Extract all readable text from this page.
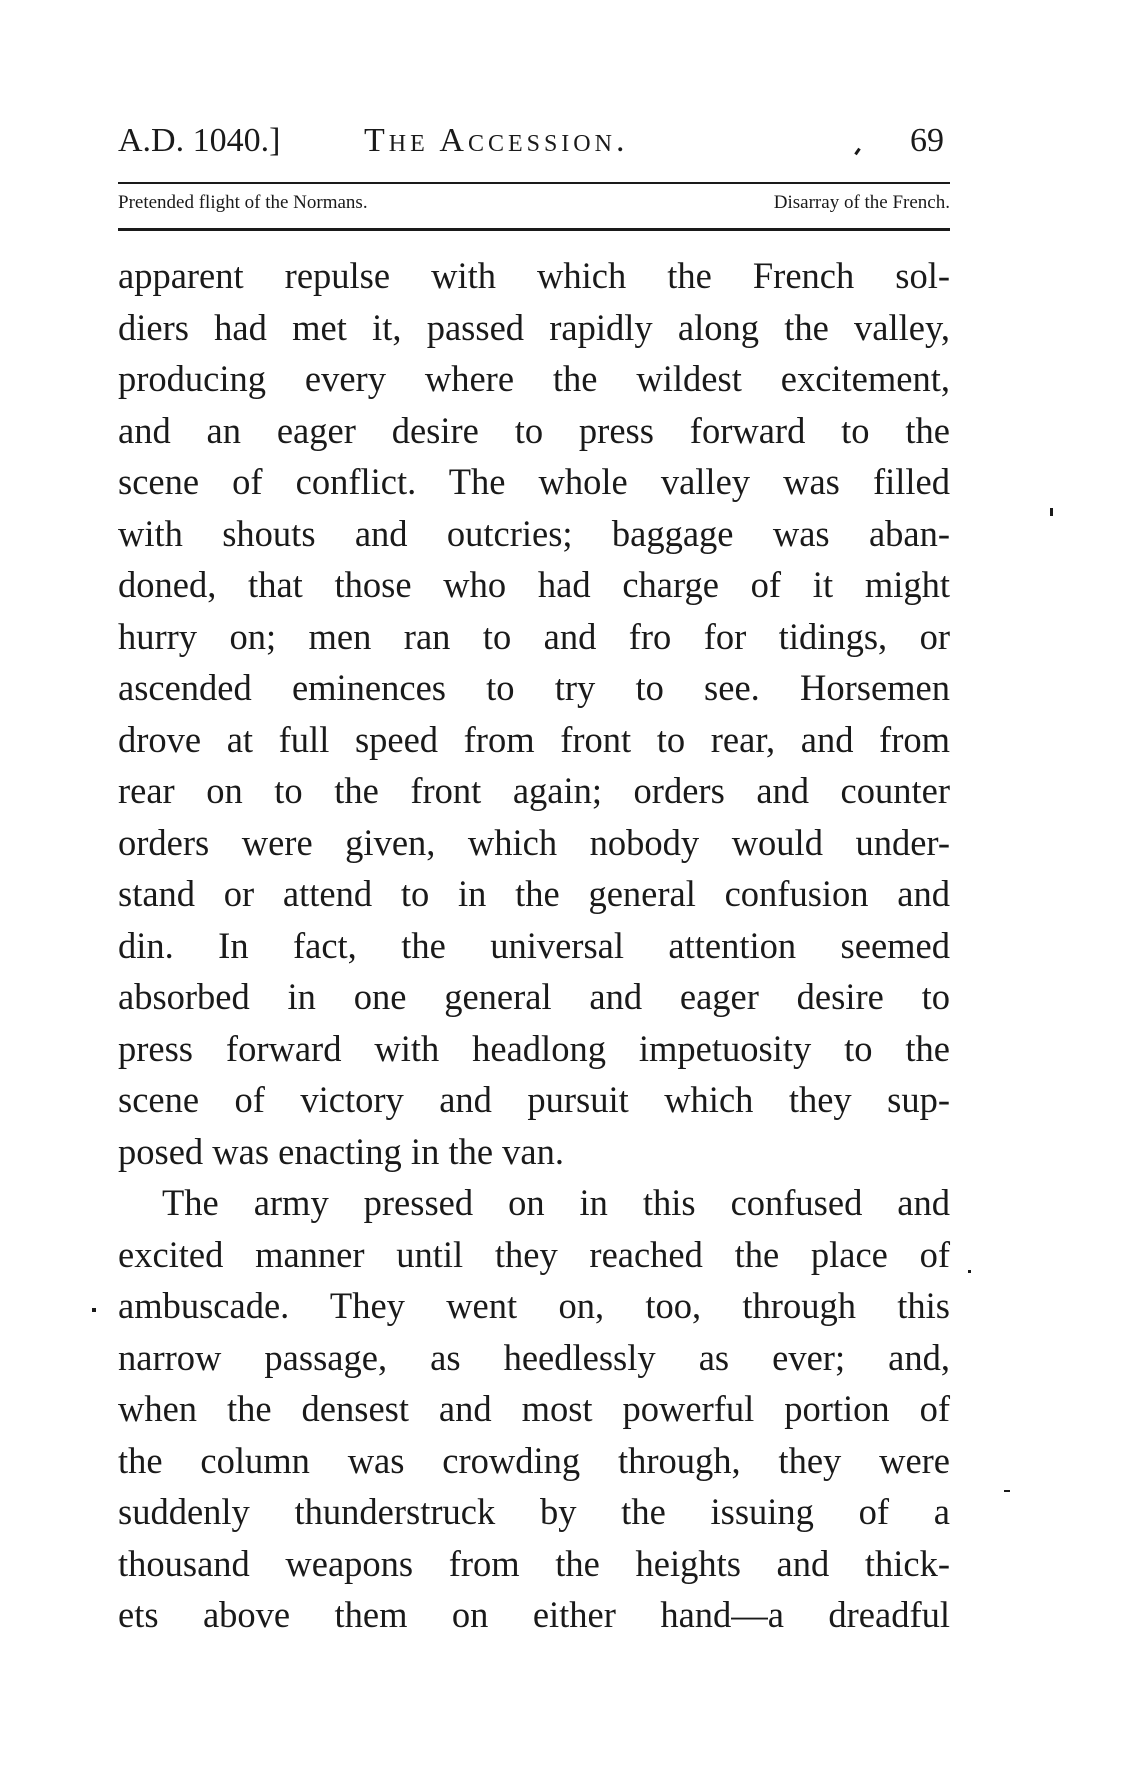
A.D. 1040.] The Accession.	69
Pretended flight of the Normans.	Disarray of the French.
apparent repulse with which the French sol-
diers had met it, passed rapidly along the valley,
producing every where the wildest excitement,
and an eager desire to press forward to the
scene of conflict. The whole valley was filled
with shouts and outcries; baggage was aban-
doned, that those who had charge of it might
hurry on; men ran to and fro for tidings, or
ascended eminences to try to see. Horsemen
drove at full speed from front to rear, and from
rear on to the front again; orders and counter
orders were given, which nobody would under-
stand or attend to in the general confusion and
din. In fact, the universal attention seemed
absorbed in one general and eager desire to
press forward with headlong impetuosity to the
scene of victory and pursuit which they sup-
posed was enacting in the van.
The army pressed on in this confused and
excited manner until they reached the place of
ambuscade. They went on, too, through this
narrow passage, as heedlessly as ever; and,
when the densest and most powerful portion of
the column was crowding through, they were
suddenly thunderstruck by the issuing of a
thousand weapons from the heights and thick-
ets above them on either hand—a dreadful
